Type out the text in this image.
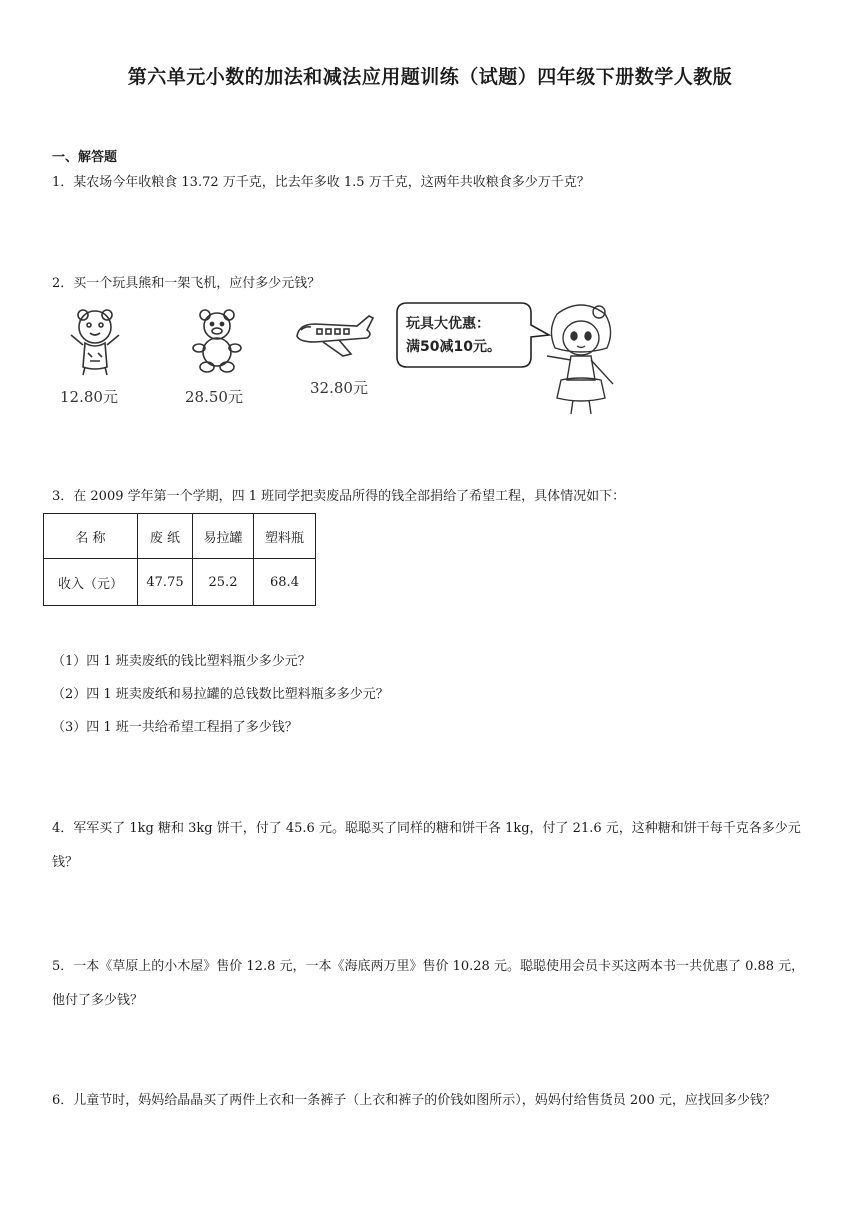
第六单元小数的加法和减法应用题训练（试题）四年级下册数学人教版
一、解答题
1．某农场今年收粮食 13.72 万千克，比去年多收 1.5 万千克，这两年共收粮食多少万千克？
2．买一个玩具熊和一架飞机，应付多少元钱？
12.80元	28.50元	32.80元
玩具大优惠：
满50减10元。
3．在 2009 学年第一个学期，四 1 班同学把卖废品所得的钱全部捐给了希望工程，具体情况如下：
名 称	废 纸	易拉罐	塑料瓶
收入（元）	47.75	25.2	68.4
（1）四 1 班卖废纸的钱比塑料瓶少多少元？
（2）四 1 班卖废纸和易拉罐的总钱数比塑料瓶多多少元？
（3）四 1 班一共给希望工程捐了多少钱？
4．军军买了 1kg 糖和 3kg 饼干，付了 45.6 元。聪聪买了同样的糖和饼干各 1kg，付了 21.6 元，这种糖和饼干每千克各多少元钱？
5．一本《草原上的小木屋》售价 12.8 元，一本《海底两万里》售价 10.28 元。聪聪使用会员卡买这两本书一共优惠了 0.88 元，他付了多少钱？
6．儿童节时，妈妈给晶晶买了两件上衣和一条裤子（上衣和裤子的价钱如图所示），妈妈付给售货员 200 元，应找回多少钱？
